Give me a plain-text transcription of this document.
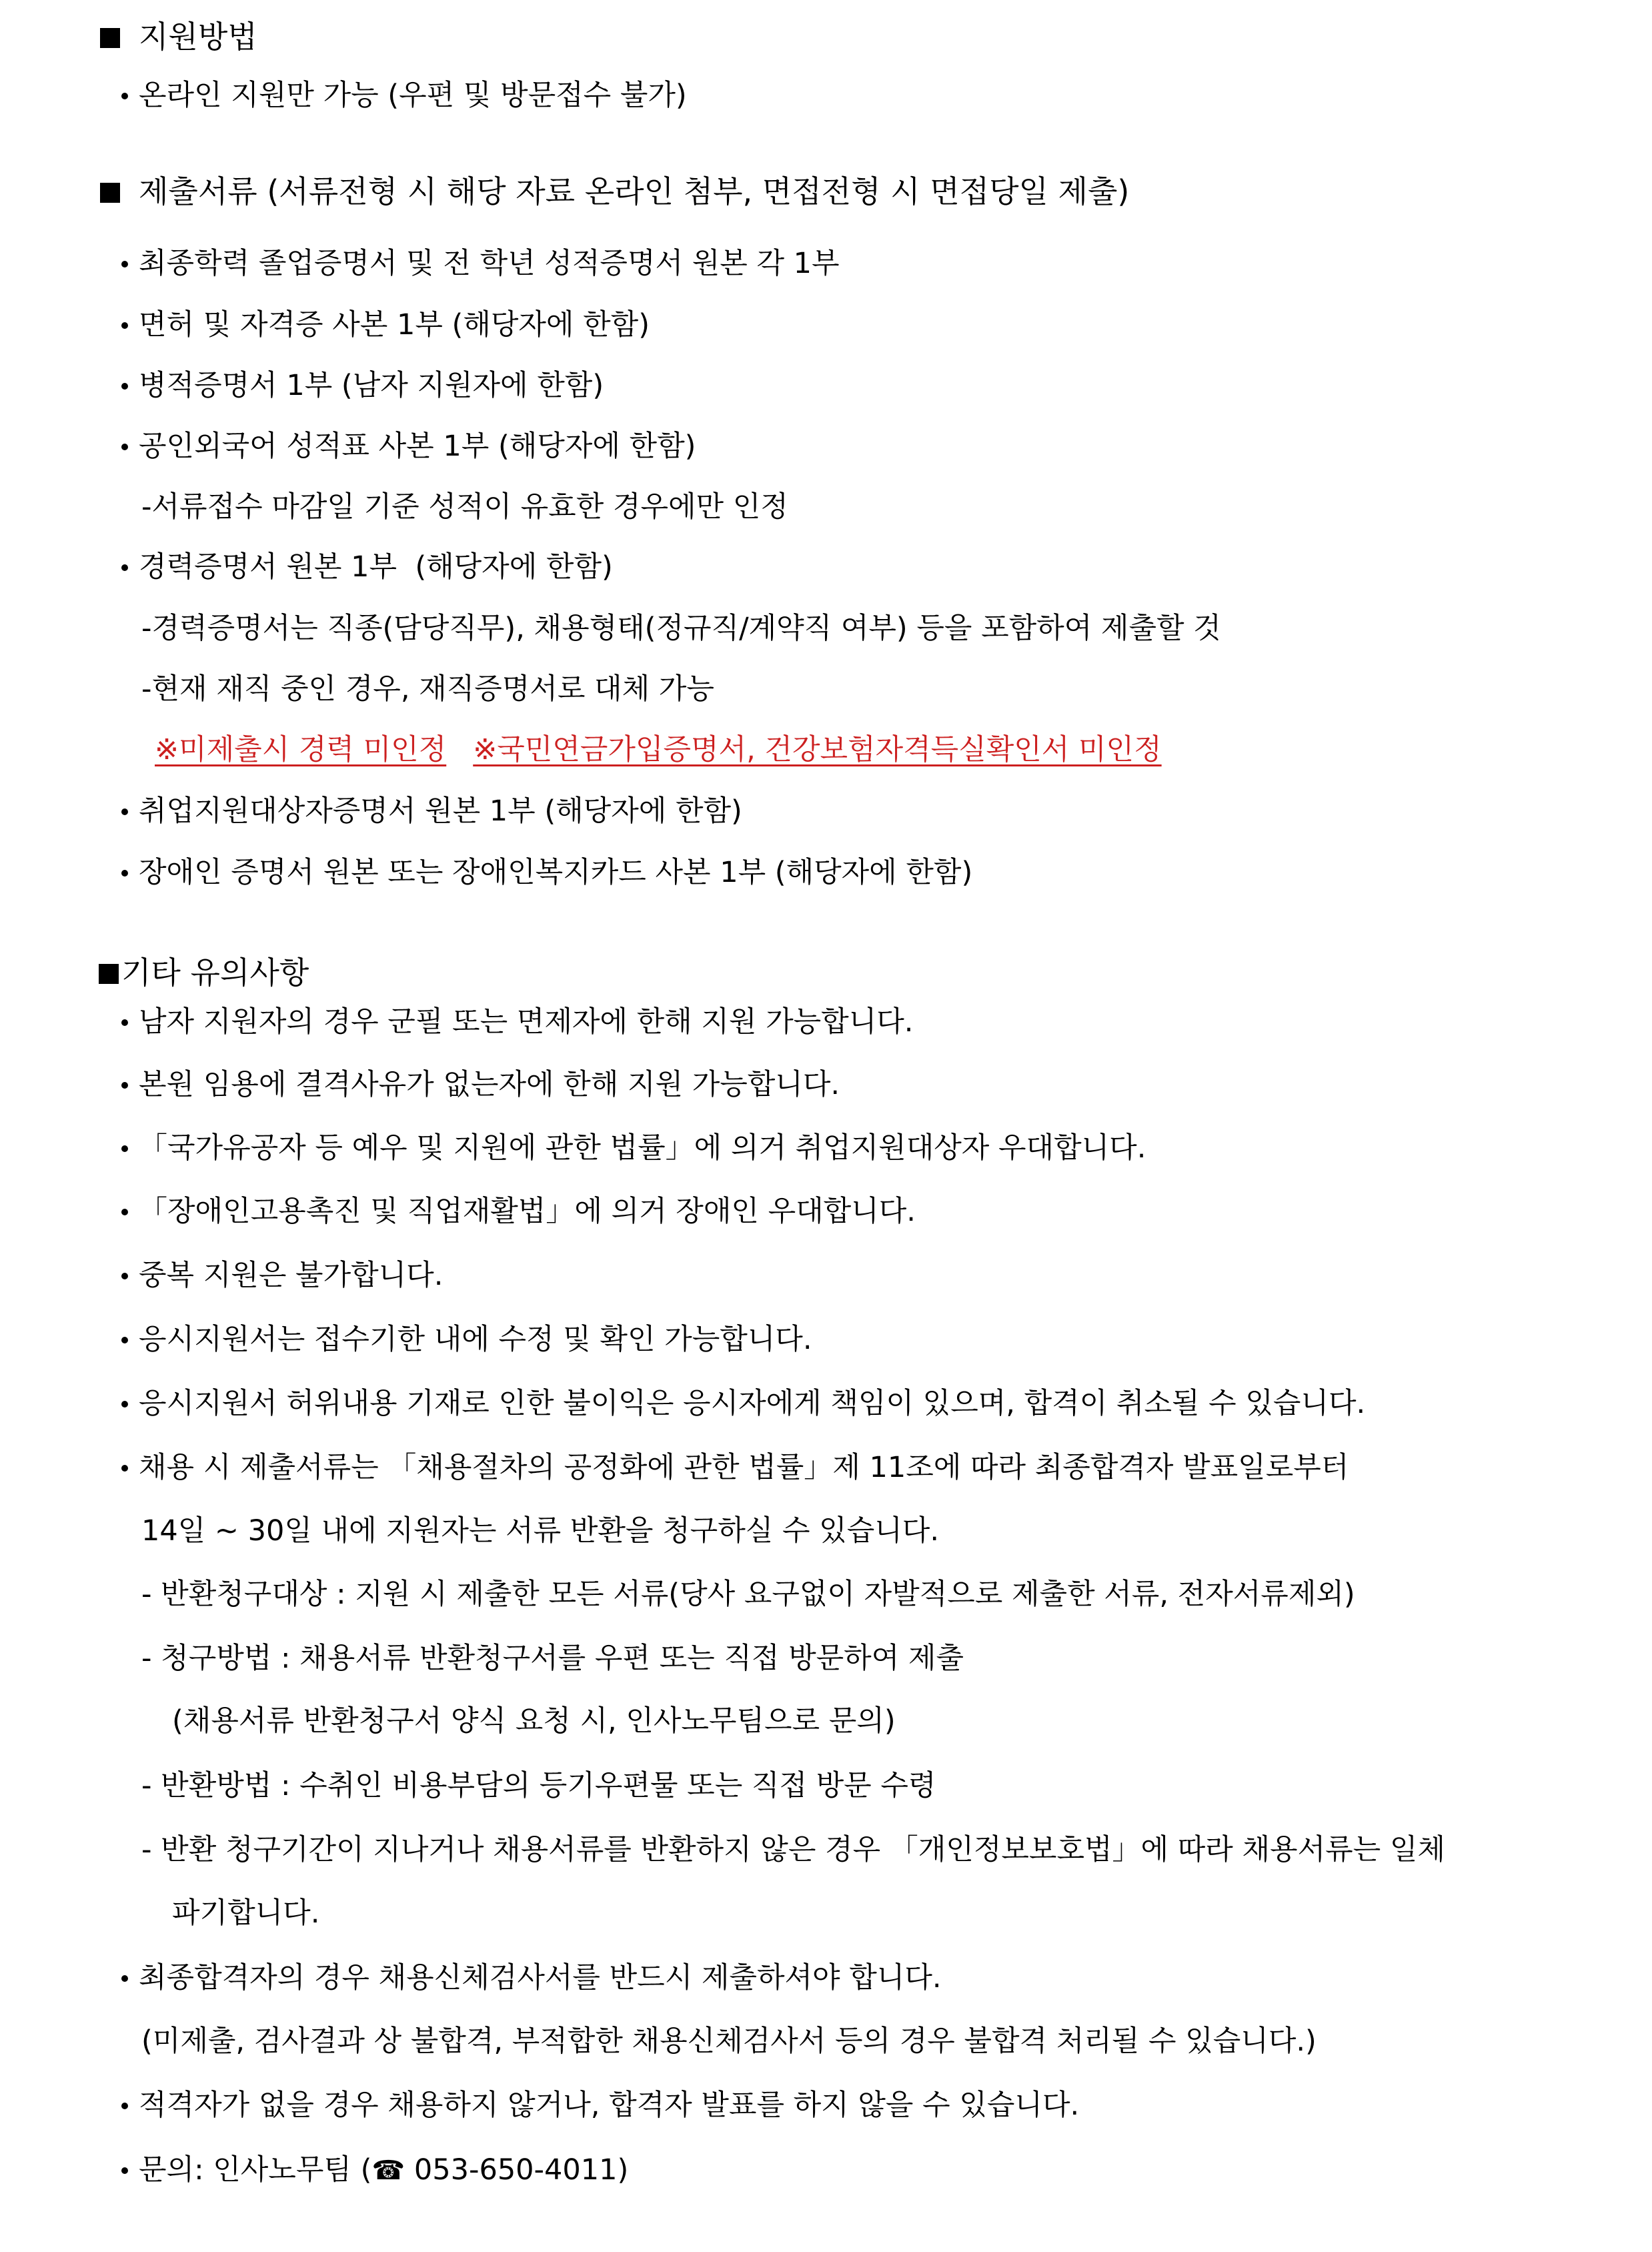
지원방법
온라인 지원만 가능 (우편 및 방문접수 불가)
제출서류 (서류전형 시 해당 자료 온라인 첨부, 면접전형 시 면접당일 제출)
최종학력 졸업증명서 및 전 학년 성적증명서 원본 각 1부
면허 및 자격증 사본 1부 (해당자에 한함)
병적증명서 1부 (남자 지원자에 한함)
공인외국어 성적표 사본 1부 (해당자에 한함)
-서류접수 마감일 기준 성적이 유효한 경우에만 인정
경력증명서 원본 1부  (해당자에 한함)
-경력증명서는 직종(담당직무), 채용형태(정규직/계약직 여부) 등을 포함하여 제출할 것
-현재 재직 중인 경우, 재직증명서로 대체 가능
※미제출시 경력 미인정 ※국민연금가입증명서, 건강보험자격득실확인서 미인정
취업지원대상자증명서 원본 1부 (해당자에 한함)
장애인 증명서 원본 또는 장애인복지카드 사본 1부 (해당자에 한함)
기타 유의사항
남자 지원자의 경우 군필 또는 면제자에 한해 지원 가능합니다.
본원 임용에 결격사유가 없는자에 한해 지원 가능합니다.
「국가유공자 등 예우 및 지원에 관한 법률」에 의거 취업지원대상자 우대합니다.
「장애인고용촉진 및 직업재활법」에 의거 장애인 우대합니다.
중복 지원은 불가합니다.
응시지원서는 접수기한 내에 수정 및 확인 가능합니다.
응시지원서 허위내용 기재로 인한 불이익은 응시자에게 책임이 있으며, 합격이 취소될 수 있습니다.
채용 시 제출서류는 「채용절차의 공정화에 관한 법률」제 11조에 따라 최종합격자 발표일로부터
14일 ~ 30일 내에 지원자는 서류 반환을 청구하실 수 있습니다.
- 반환청구대상 : 지원 시 제출한 모든 서류(당사 요구없이 자발적으로 제출한 서류, 전자서류제외)
- 청구방법 : 채용서류 반환청구서를 우편 또는 직접 방문하여 제출
(채용서류 반환청구서 양식 요청 시, 인사노무팀으로 문의)
- 반환방법 : 수취인 비용부담의 등기우편물 또는 직접 방문 수령
- 반환 청구기간이 지나거나 채용서류를 반환하지 않은 경우 「개인정보보호법」에 따라 채용서류는 일체
파기합니다.
최종합격자의 경우 채용신체검사서를 반드시 제출하셔야 합니다.
(미제출, 검사결과 상 불합격, 부적합한 채용신체검사서 등의 경우 불합격 처리될 수 있습니다.)
적격자가 없을 경우 채용하지 않거나, 합격자 발표를 하지 않을 수 있습니다.
문의: 인사노무팀 (☎ 053-650-4011)
